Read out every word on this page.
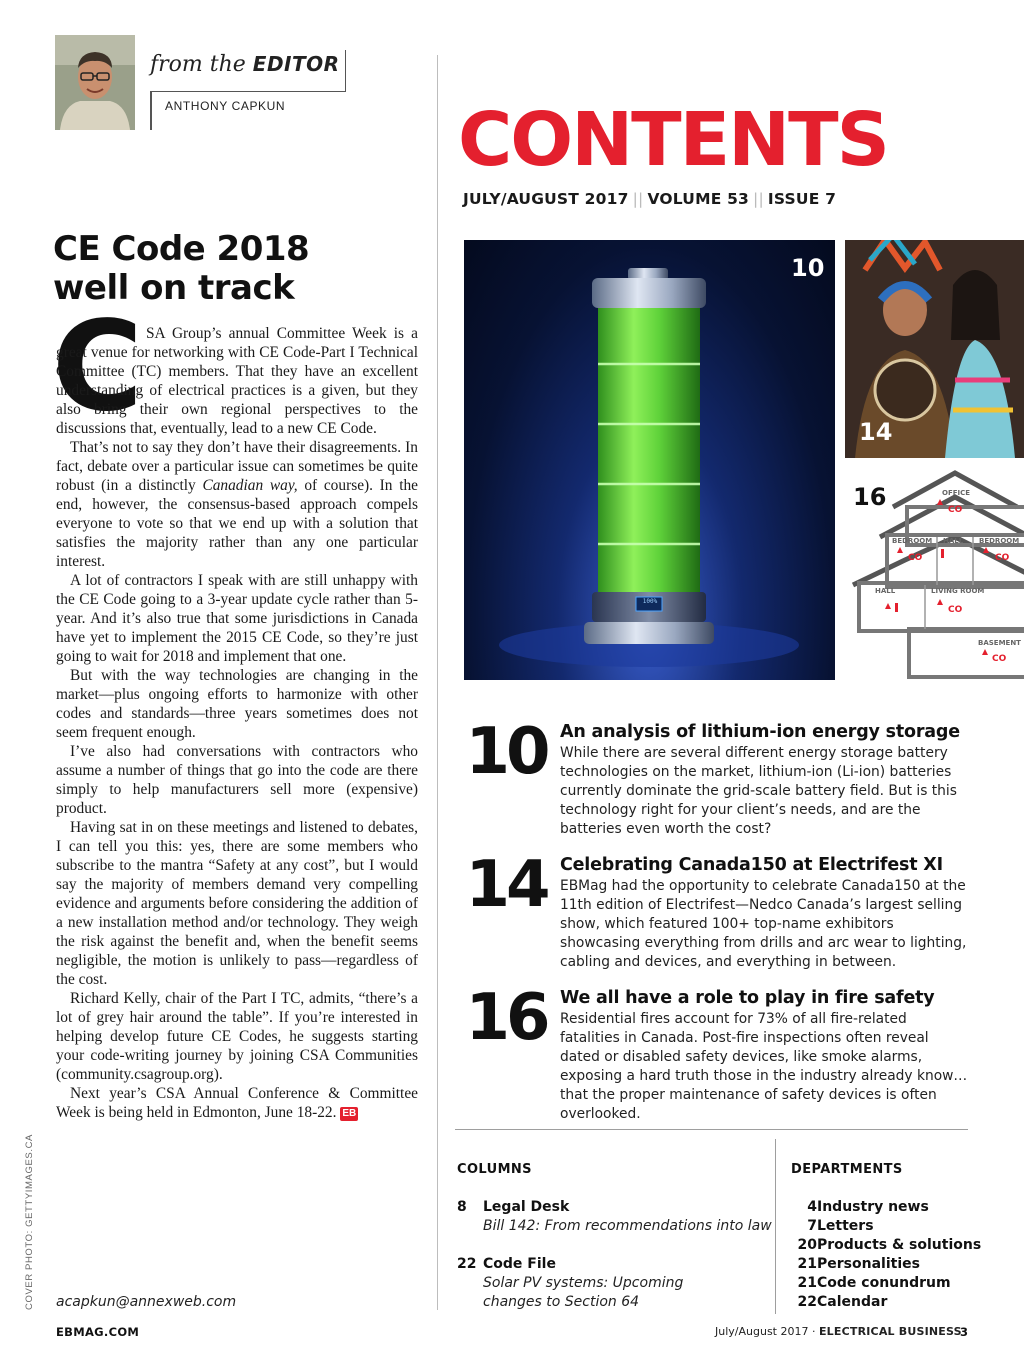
from the EDITOR
ANTHONY CAPKUN
CE Code 2018
well on track
C SA Group’s annual Committee Week is a great venue for networking with CE Code-Part I Technical Committee (TC) members. That they have an excellent understanding of electrical practices is a given, but they also bring their own regional perspectives to the discussions that, eventually, lead to a new CE Code.

That’s not to say they don’t have their disagreements. In fact, debate over a particular issue can sometimes be quite robust (in a distinctly Canadian way, of course). In the end, however, the consensus-based approach compels everyone to vote so that we end up with a solution that satisfies the majority rather than any one particular interest.

A lot of contractors I speak with are still unhappy with the CE Code going to a 3-year update cycle rather than 5-year. And it’s also true that some jurisdictions in Canada have yet to implement the 2015 CE Code, so they’re just going to wait for 2018 and implement that one.

But with the way technologies are changing in the market—plus ongoing efforts to harmonize with other codes and standards—three years sometimes does not seem frequent enough.

I’ve also had conversations with contractors who assume a number of things that go into the code are there simply to help manufacturers sell more (expensive) product.

Having sat in on these meetings and listened to debates, I can tell you this: yes, there are some members who subscribe to the mantra “Safety at any cost”, but I would say the majority of members demand very compelling evidence and arguments before considering the addition of a new installation method and/or technology. They weigh the risk against the benefit and, when the benefit seems negligible, the motion is unlikely to pass—regardless of the cost.

Richard Kelly, chair of the Part I TC, admits, “there’s a lot of grey hair around the table”. If you’re interested in helping develop future CE Codes, he suggests starting your code-writing journey by joining CSA Communities (community.csagroup.org).

Next year’s CSA Annual Conference & Committee Week is being held in Edmonton, June 18-22. EB

COVER PHOTO: GETTYIMAGES.CA acapkun@annexweb.com
CONTENTS
JULY/AUGUST 2017 || VOLUME 53 || ISSUE 7
10
100%
14
OFFICE
BEDROOM HALL BEDROOM
HALL	LIVING ROOM
BASEMENT
CO
CO	CO
CO
CO
16
10 An analysis of lithium-ion energy storage
While there are several different energy storage battery technologies on the market, lithium-ion (Li-ion) batteries currently dominate the grid-scale battery field. But is this technology right for your client’s needs, and are the batteries even worth the cost?
14 Celebrating Canada150 at Electrifest XI
EBMag had the opportunity to celebrate Canada150 at the 11th edition of Electrifest—Nedco Canada’s largest selling show, which featured 100+ top-name exhibitors showcasing everything from drills and arc wear to lighting, cabling and devices, and everything in between.
16 We all have a role to play in fire safety
Residential fires account for 73% of all fire-related fatalities in Canada. Post-fire inspections often reveal dated or disabled safety devices, like smoke alarms, exposing a hard truth those in the industry already know… that the proper maintenance of safety devices is often overlooked.
COLUMNS
8 Legal Desk
Bill 142: From recommendations into law
22 Code File
Solar PV systems: Upcoming changes to Section 64
DEPARTMENTS
4 Industry news
7 Letters
20 Products & solutions
21 Personalities
21 Code conundrum
22 Calendar
EBMAG.COM	July/August 2017 · ELECTRICAL BUSINESS
3
